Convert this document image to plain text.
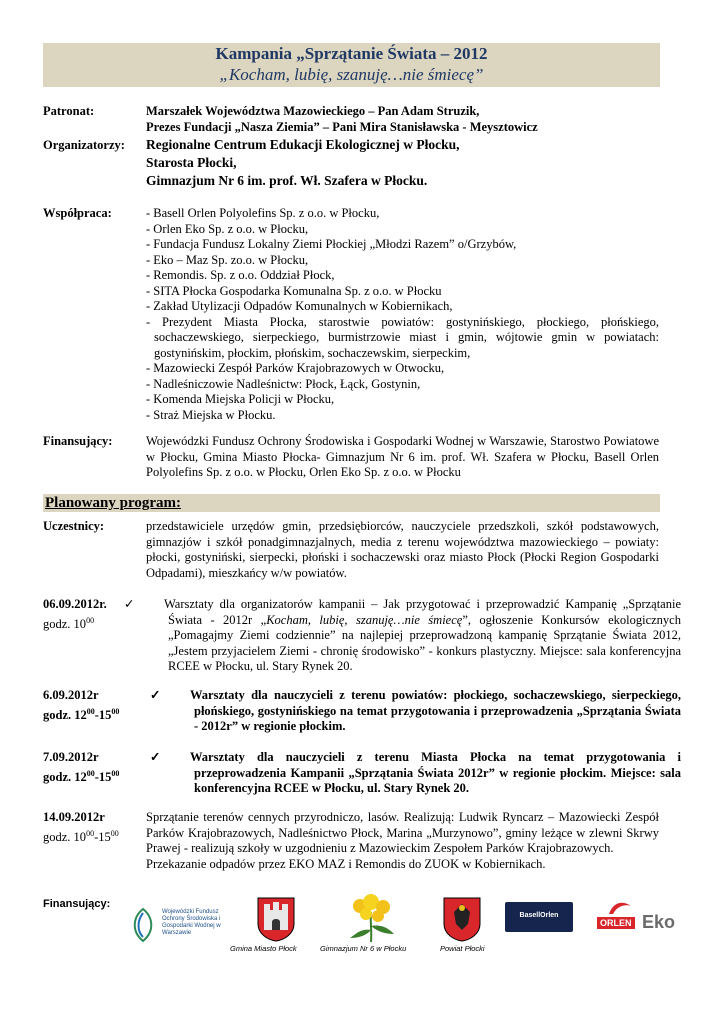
Kampania „Sprzątanie Świata – 2012
„Kocham, lubię, szanuję…nie śmiecę”
Patronat:	Marszałek Województwa Mazowieckiego – Pan Adam Struzik,
Prezes Fundacji „Nasza Ziemia” – Pani Mira Stanisławska - Meysztowicz
Organizatorzy: Regionalne Centrum Edukacji Ekologicznej w Płocku,
Starosta Płocki,
Gimnazjum Nr 6 im. prof. Wł. Szafera w Płocku.
Współpraca:	- Basell Orlen Polyolefins Sp. z o.o. w Płocku,
- Orlen Eko Sp. z o.o. w Płocku,
- Fundacja Fundusz Lokalny Ziemi Płockiej „Młodzi Razem” o/Grzybów,
- Eko – Maz Sp. zo.o. w Płocku,
- Remondis. Sp. z o.o. Oddział Płock,
- SITA Płocka Gospodarka Komunalna Sp. z o.o. w Płocku
- Zakład Utylizacji Odpadów Komunalnych w Kobiernikach,
- Prezydent Miasta Płocka, starostwie powiatów: gostynińskiego, płockiego, płońskiego, sochaczewskiego, sierpeckiego, burmistrzowie miast i gmin, wójtowie gmin w powiatach: gostynińskim, płockim, płońskim, sochaczewskim, sierpeckim,
- Mazowiecki Zespół Parków Krajobrazowych w Otwocku,
- Nadleśniczowie Nadleśnictw: Płock, Łąck, Gostynin,
- Komenda Miejska Policji w Płocku,
- Straż Miejska w Płocku.
Finansujący:	Wojewódzki Fundusz Ochrony Środowiska i Gospodarki Wodnej w Warszawie, Starostwo Powiatowe w Płocku, Gmina Miasto Płocka- Gimnazjum Nr 6 im. prof. Wł. Szafera w Płocku, Basell Orlen Polyolefins Sp. z o.o. w Płocku, Orlen Eko Sp. z o.o. w Płocku
Planowany program:
Uczestnicy:	przedstawiciele urzędów gmin, przedsiębiorców, nauczyciele przedszkoli, szkół podstawowych, gimnazjów i szkół ponadgimnazjalnych, media z terenu województwa mazowieckiego – powiaty: płocki, gostyniński, sierpecki, płoński i sochaczewski oraz miasto Płock (Płocki Region Gospodarki Odpadami), mieszkańcy w/w powiatów.
06.09.2012r.
godz. $10^{00}$
✓ Warsztaty dla organizatorów kampanii – Jak przygotować i przeprowadzić Kampanię „Sprzątanie Świata - 2012r „Kocham, lubię, szanuję…nie śmiecę”, ogłoszenie Konkursów ekologicznych „Pomagajmy Ziemi codziennie” na najlepiej przeprowadzoną kampanię Sprzątanie Świata 2012, „Jestem przyjacielem Ziemi - chronię środowisko” - konkurs plastyczny. Miejsce: sala konferencyjna RCEE w Płocku, ul. Stary Rynek 20.
6.09.2012r
godz. $12^{00}-15^{00}$
✓ Warsztaty dla nauczycieli z terenu powiatów: płockiego, sochaczewskiego, sierpeckiego, płońskiego, gostynińskiego na temat przygotowania i przeprowadzenia „Sprzątania Świata - 2012r” w regionie płockim.
7.09.2012r
godz. $12^{00}-15^{00}$
✓ Warsztaty dla nauczycieli z terenu Miasta Płocka na temat przygotowania i przeprowadzenia Kampanii „Sprzątania Świata 2012r” w regionie płockim. Miejsce: sala konferencyjna RCEE w Płocku, ul. Stary Rynek 20.
14.09.2012r
godz. $10^{00}-15^{00}$
Sprzątanie terenów cennych przyrodniczo, lasów. Realizują: Ludwik Ryncarz – Mazowiecki Zespół Parków Krajobrazowych, Nadleśnictwo Płock, Marina „Murzynowo”, gminy leżące w zlewni Skrwy Prawej - realizują szkoły w uzgodnieniu z Mazowieckim Zespołem Parków Krajobrazowych.
Przekazanie odpadów przez EKO MAZ i Remondis do ZUOK w Kobiernikach.
Finansujący:
Wojewódzki Fundusz Ochrony Środowiska i Gospodarki Wodnej w Warszawie
BasellOrlen
ORLEN Eko
Gmina Miasto Płock	Gimnazjum Nr 6 w Płocku	Powiat Płocki
